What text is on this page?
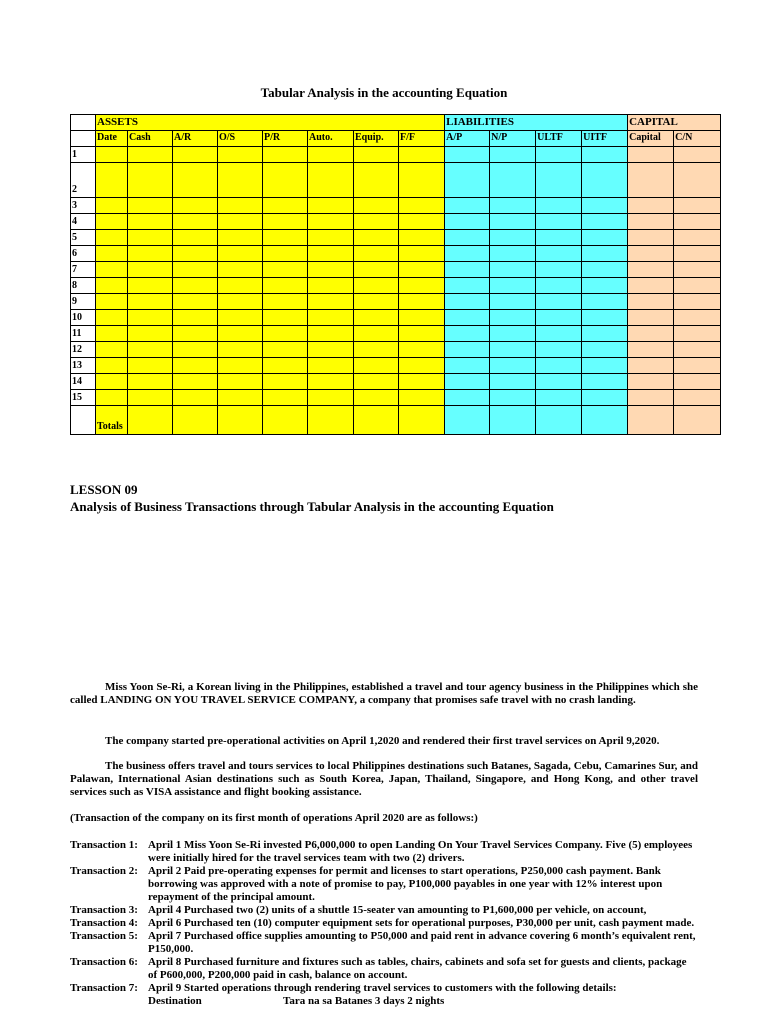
Tabular Analysis in the accounting Equation
	ASSETS								LIABILITIES				CAPITAL	
	Date	Cash	A/R	O/S	P/R	Auto.	Equip.	F/F	A/P	N/P	ULTF	UITF	Capital	C/N
1														
2														
3														
4														
5														
6														
7														
8														
9														
10														
11														
12														
13														
14														
15														
	Totals													
LESSON 09
Analysis of Business Transactions through Tabular Analysis in the accounting Equation

Miss Yoon Se-Ri, a Korean living in the Philippines, established a travel and tour agency business in the Philippines which she called LANDING ON YOU TRAVEL SERVICE COMPANY, a company that promises safe travel with no crash landing.

The company started pre-operational activities on April 1,2020 and rendered their first travel services on April 9,2020.

The business offers travel and tours services to local Philippines destinations such Batanes, Sagada, Cebu, Camarines Sur, and Palawan, International Asian destinations such as South Korea, Japan, Thailand, Singapore, and Hong Kong, and other travel services such as VISA assistance and flight booking assistance.

(Transaction of the company on its first month of operations April 2020 are as follows:)

Transaction 1: April 1 Miss Yoon Se-Ri invested P6,000,000 to open Landing On Your Travel Services Company. Five (5) employees were initially hired for the travel services team with two (2) drivers.

Transaction 2: April 2 Paid pre-operating expenses for permit and licenses to start operations, P250,000 cash payment. Bank borrowing was approved with a note of promise to pay, P100,000 payables in one year with 12% interest upon repayment of the principal amount.

Transaction 3: April 4 Purchased two (2) units of a shuttle 15-seater van amounting to P1,600,000 per vehicle, on account,

Transaction 4: April 6 Purchased ten (10) computer equipment sets for operational purposes, P30,000 per unit, cash payment made.

Transaction 5: April 7 Purchased office supplies amounting to P50,000 and paid rent in advance covering 6 month’s equivalent rent, P150,000.

Transaction 6: April 8 Purchased furniture and fixtures such as tables, chairs, cabinets and sofa set for guests and clients, package of P600,000, P200,000 paid in cash, balance on account.

Transaction 7: April 9 Started operations through rendering travel services to customers with the following details:

Destination	Tara na sa Batanes 3 days 2 nights
